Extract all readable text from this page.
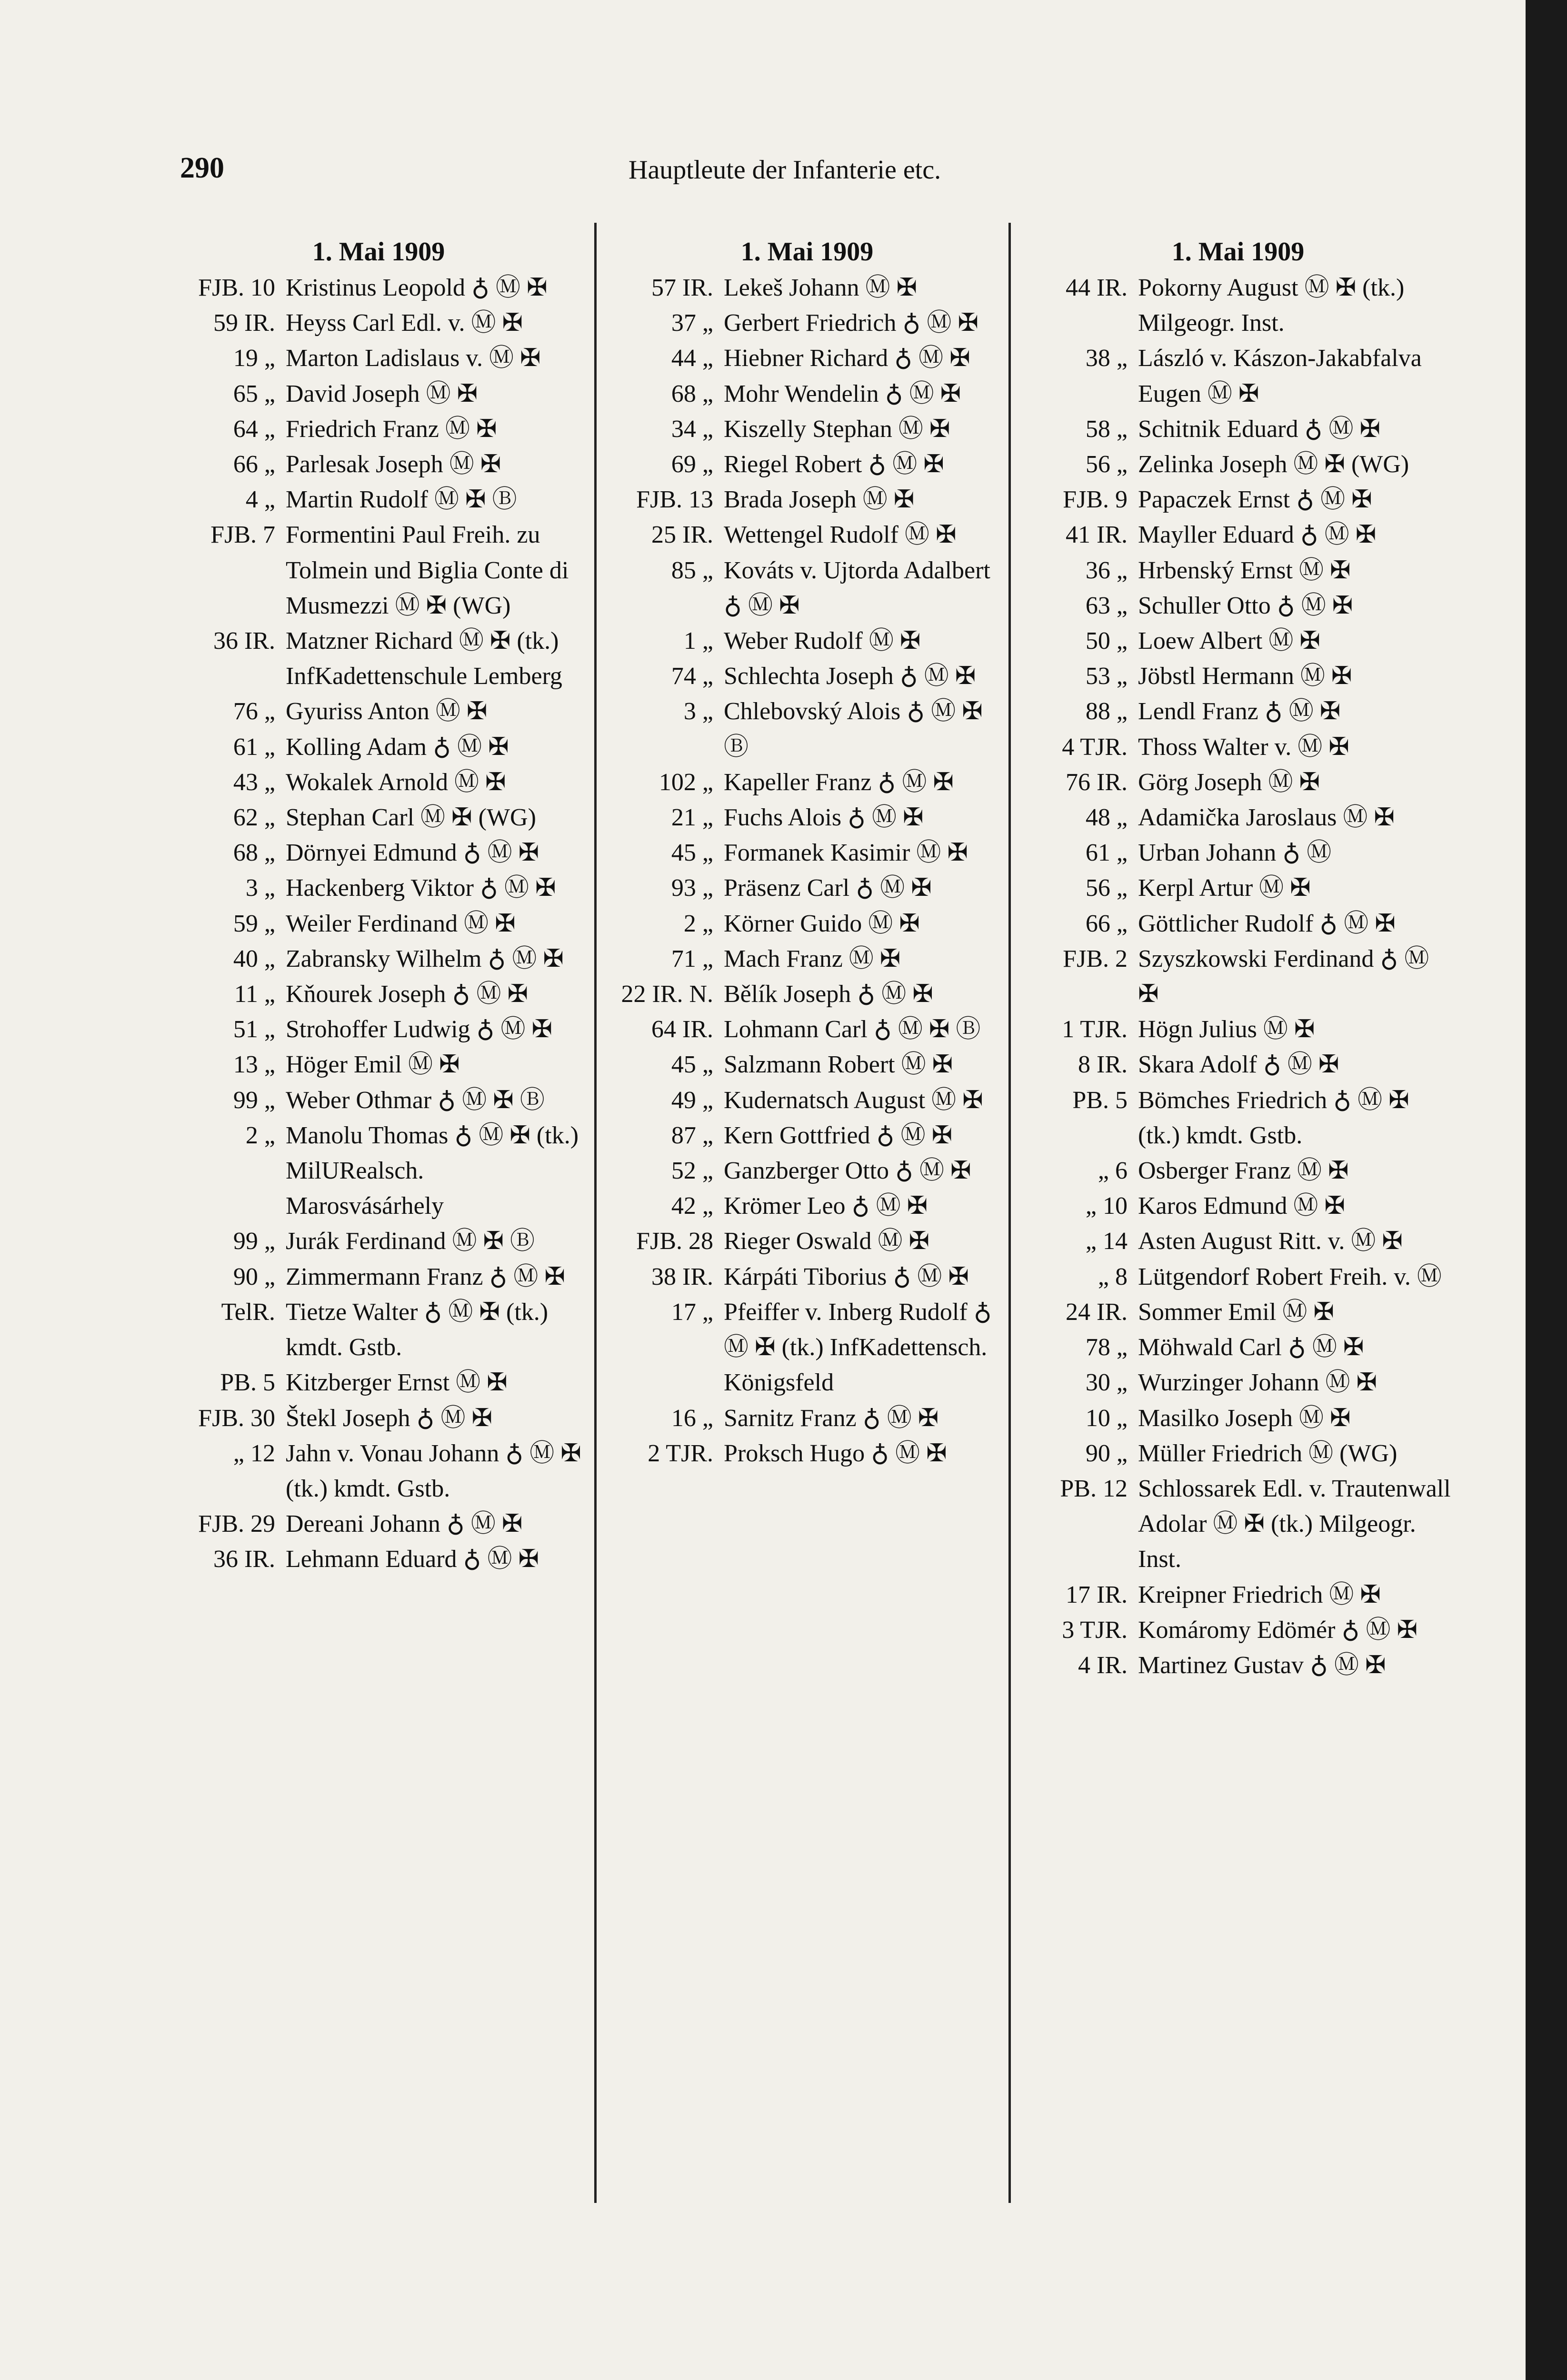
290	Hauptleute der Infanterie etc.
1. Mai 1909
FJB. 10 Kristinus Leopold ♁ Ⓜ ✠
59 IR. Heyss Carl Edl. v. Ⓜ ✠
19 „ Marton Ladislaus v. Ⓜ ✠
65 „ David Joseph Ⓜ ✠
64 „ Friedrich Franz Ⓜ ✠
66 „ Parlesak Joseph Ⓜ ✠
4 „ Martin Rudolf Ⓜ ✠ Ⓑ
FJB. 7 Formentini Paul Freih. zu Tolmein und Biglia Conte di Musmezzi Ⓜ ✠ (WG)
36 IR. Matzner Richard Ⓜ ✠ (tk.) InfKadettenschule Lemberg
76 „ Gyuriss Anton Ⓜ ✠
61 „ Kolling Adam ♁ Ⓜ ✠
43 „ Wokalek Arnold Ⓜ ✠
62 „ Stephan Carl Ⓜ ✠ (WG)
68 „ Dörnyei Edmund ♁ Ⓜ ✠
3 „ Hackenberg Viktor ♁ Ⓜ ✠
59 „ Weiler Ferdinand Ⓜ ✠
40 „ Zabransky Wilhelm ♁ Ⓜ ✠
11 „ Kňourek Joseph ♁ Ⓜ ✠
51 „ Strohoffer Ludwig ♁ Ⓜ ✠
13 „ Höger Emil Ⓜ ✠
99 „ Weber Othmar ♁ Ⓜ ✠ Ⓑ
2 „ Manolu Thomas ♁ Ⓜ ✠ (tk.) MilURealsch. Marosvásárhely
99 „ Jurák Ferdinand Ⓜ ✠ Ⓑ
90 „ Zimmermann Franz ♁ Ⓜ ✠
TelR. Tietze Walter ♁ Ⓜ ✠ (tk.) kmdt. Gstb.
PB. 5 Kitzberger Ernst Ⓜ ✠
FJB. 30 Štekl Joseph ♁ Ⓜ ✠
„ 12 Jahn v. Vonau Johann ♁ Ⓜ ✠ (tk.) kmdt. Gstb.
FJB. 29 Dereani Johann ♁ Ⓜ ✠
36 IR. Lehmann Eduard ♁ Ⓜ ✠
1. Mai 1909
57 IR. Lekeš Johann Ⓜ ✠
37 „ Gerbert Friedrich ♁ Ⓜ ✠
44 „ Hiebner Richard ♁ Ⓜ ✠
68 „ Mohr Wendelin ♁ Ⓜ ✠
34 „ Kiszelly Stephan Ⓜ ✠
69 „ Riegel Robert ♁ Ⓜ ✠
FJB. 13 Brada Joseph Ⓜ ✠
25 IR. Wettengel Rudolf Ⓜ ✠
85 „ Kováts v. Ujtorda Adalbert ♁ Ⓜ ✠
1 „ Weber Rudolf Ⓜ ✠
74 „ Schlechta Joseph ♁ Ⓜ ✠
3 „ Chlebovský Alois ♁ Ⓜ ✠ Ⓑ
102 „ Kapeller Franz ♁ Ⓜ ✠
21 „ Fuchs Alois ♁ Ⓜ ✠
45 „ Formanek Kasimir Ⓜ ✠
93 „ Präsenz Carl ♁ Ⓜ ✠
2 „ Körner Guido Ⓜ ✠
71 „ Mach Franz Ⓜ ✠
22 IR. N. Bělík Joseph ♁ Ⓜ ✠
64 IR. Lohmann Carl ♁ Ⓜ ✠ Ⓑ
45 „ Salzmann Robert Ⓜ ✠
49 „ Kudernatsch August Ⓜ ✠
87 „ Kern Gottfried ♁ Ⓜ ✠
52 „ Ganzberger Otto ♁ Ⓜ ✠
42 „ Krömer Leo ♁ Ⓜ ✠
FJB. 28 Rieger Oswald Ⓜ ✠
38 IR. Kárpáti Tiborius ♁ Ⓜ ✠
17 „ Pfeiffer v. Inberg Rudolf ♁ Ⓜ ✠ (tk.) InfKadettensch. Königsfeld
16 „ Sarnitz Franz ♁ Ⓜ ✠
2 TJR. Proksch Hugo ♁ Ⓜ ✠
1. Mai 1909
44 IR. Pokorny August Ⓜ ✠ (tk.) Milgeogr. Inst.
38 „ László v. Kászon-Jakabfalva Eugen Ⓜ ✠
58 „ Schitnik Eduard ♁ Ⓜ ✠
56 „ Zelinka Joseph Ⓜ ✠ (WG)
FJB. 9 Papaczek Ernst ♁ Ⓜ ✠
41 IR. Mayller Eduard ♁ Ⓜ ✠
36 „ Hrbenský Ernst Ⓜ ✠
63 „ Schuller Otto ♁ Ⓜ ✠
50 „ Loew Albert Ⓜ ✠
53 „ Jöbstl Hermann Ⓜ ✠
88 „ Lendl Franz ♁ Ⓜ ✠
4 TJR. Thoss Walter v. Ⓜ ✠
76 IR. Görg Joseph Ⓜ ✠
48 „ Adamička Jaroslaus Ⓜ ✠
61 „ Urban Johann ♁ Ⓜ
56 „ Kerpl Artur Ⓜ ✠
66 „ Göttlicher Rudolf ♁ Ⓜ ✠
FJB. 2 Szyszkowski Ferdinand ♁ Ⓜ ✠
1 TJR. Högn Julius Ⓜ ✠
8 IR. Skara Adolf ♁ Ⓜ ✠
PB. 5 Bömches Friedrich ♁ Ⓜ ✠ (tk.) kmdt. Gstb.
„ 6 Osberger Franz Ⓜ ✠
„ 10 Karos Edmund Ⓜ ✠
„ 14 Asten August Ritt. v. Ⓜ ✠
„ 8 Lütgendorf Robert Freih. v. Ⓜ
24 IR. Sommer Emil Ⓜ ✠
78 „ Möhwald Carl ♁ Ⓜ ✠
30 „ Wurzinger Johann Ⓜ ✠
10 „ Masilko Joseph Ⓜ ✠
90 „ Müller Friedrich Ⓜ (WG)
PB. 12 Schlossarek Edl. v. Trautenwall Adolar Ⓜ ✠ (tk.) Milgeogr. Inst.
17 IR. Kreipner Friedrich Ⓜ ✠
3 TJR. Komáromy Edömér ♁ Ⓜ ✠
4 IR. Martinez Gustav ♁ Ⓜ ✠
